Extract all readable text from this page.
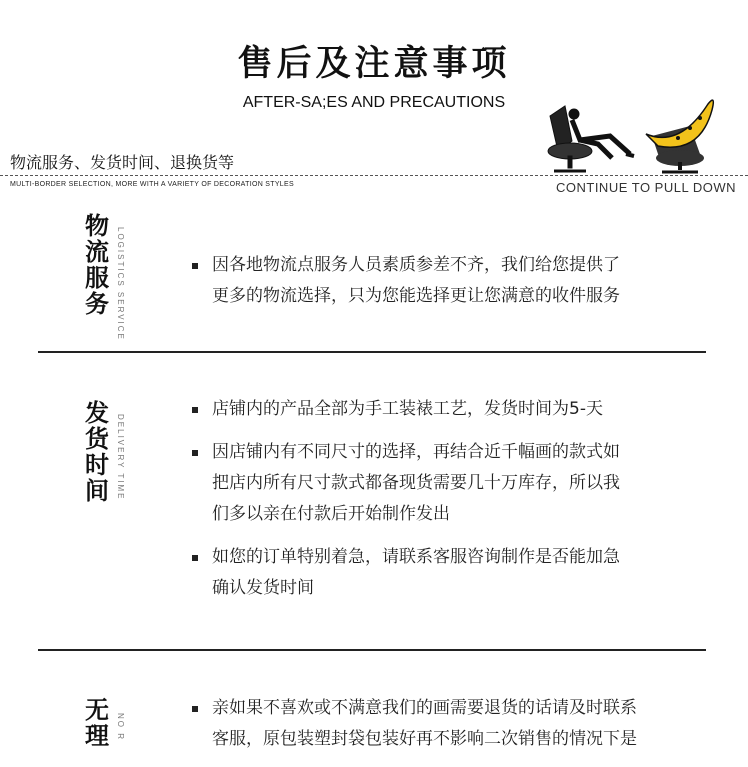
售后及注意事项
AFTER-SA;ES AND PRECAUTIONS
物流服务、发货时间、退换货等
MULTI-BORDER SELECTION, MORE WITH A VARIETY OF DECORATION STYLES	CONTINUE TO PULL DOWN
物流服务 LOGISTICS SERVICE	因各地物流点服务人员素质参差不齐，我们给您提供了
更多的物流选择，只为您能选择更让您满意的收件服务
发货时间 DELIVERY TIME
店铺内的产品全部为手工装裱工艺，发货时间为5-天
因店铺内有不同尺寸的选择，再结合近千幅画的款式如
把店内所有尺寸款式都备现货需要几十万库存，所以我
们多以亲在付款后开始制作发出
如您的订单特别着急，请联系客服咨询制作是否能加急
确认发货时间
无理 NO R
亲如果不喜欢或不满意我们的画需要退货的话请及时联系
客服，原包装塑封袋包装好再不影响二次销售的情况下是
